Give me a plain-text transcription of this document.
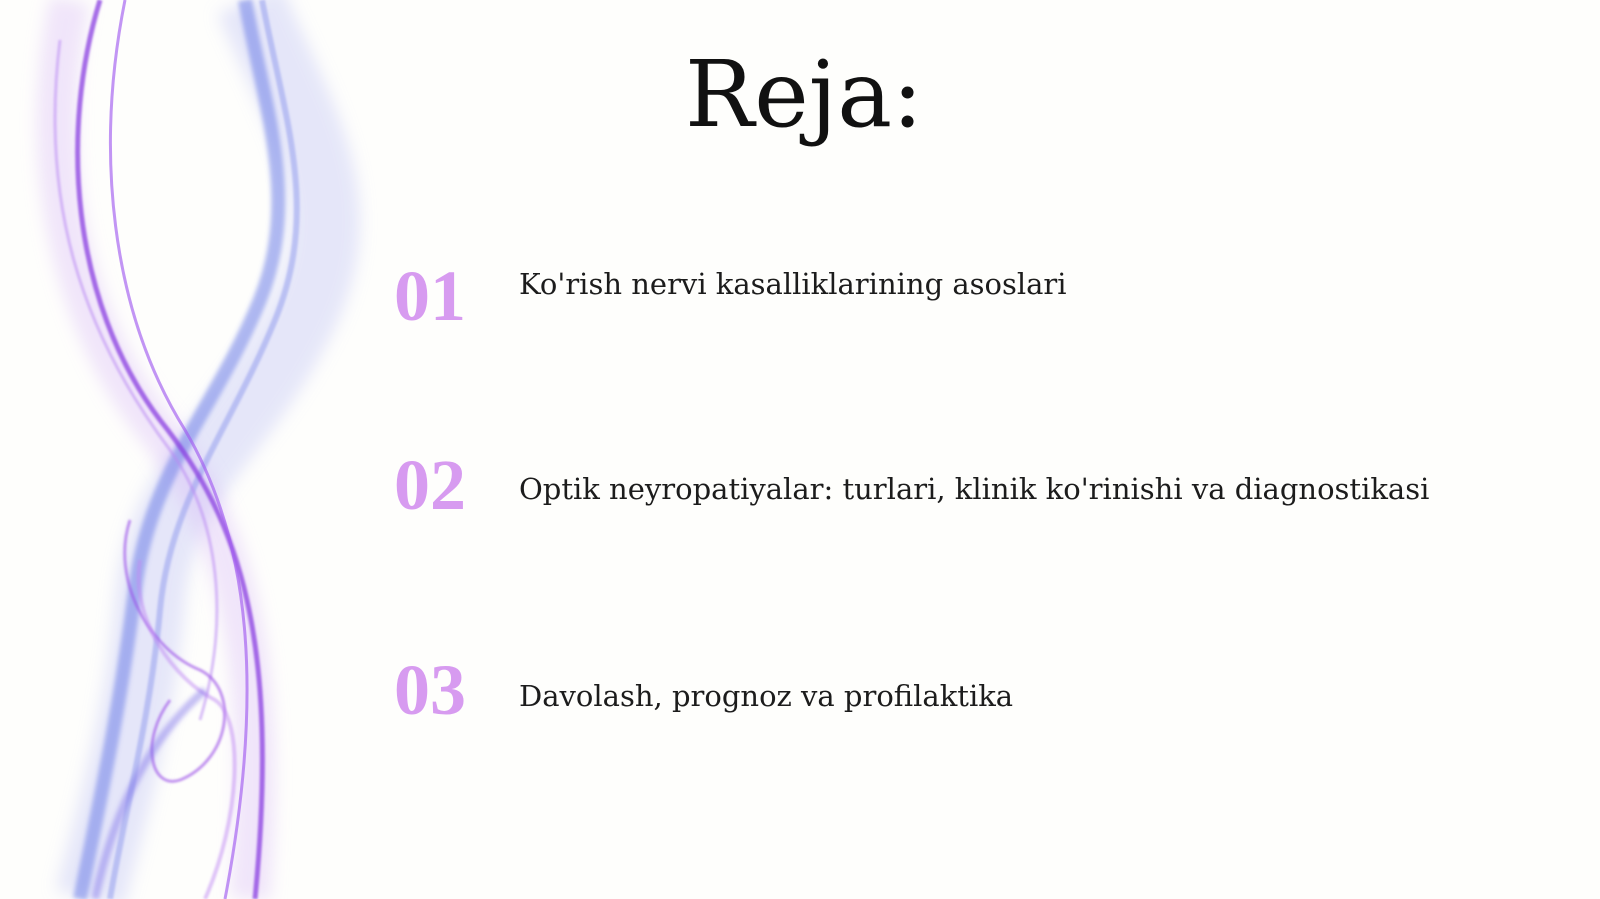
Reja:
01	Ko'rish nervi kasalliklarining asoslari
02	Optik neyropatiyalar: turlari, klinik ko'rinishi va diagnostikasi
03	Davolash, prognoz va profilaktika
